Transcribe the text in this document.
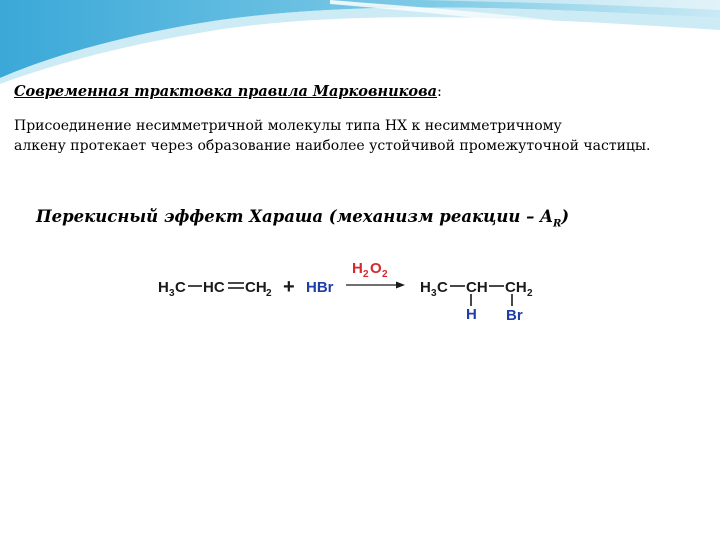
Современная трактовка правила Марковникова:
Присоединение несимметричной молекулы типа НХ к несимметричному
алкену протекает через образование наиболее устойчивой промежуточной частицы.
Перекисный эффект Хараша (механизм реакции – $A_R$)
H 3 C HC CH 2 + HBr
H 2 O 2
H 3 C CH CH 2
H Br
